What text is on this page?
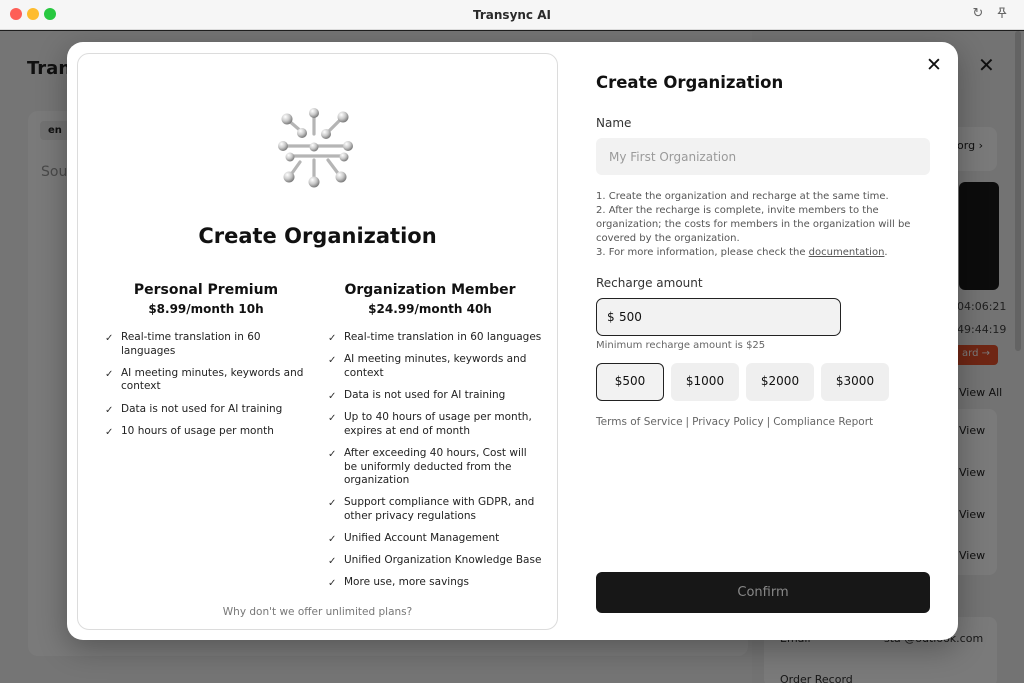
Transync AI	↻
Create Organization
Personal Premium
$8.99/month 10h
✓ Real-time translation in 60 languages
✓ AI meeting minutes, keywords and context
✓ Data is not used for AI training
✓ 10 hours of usage per month
Organization Member
$24.99/month 40h
✓ Real-time translation in 60 languages
✓ AI meeting minutes, keywords and context
✓ Data is not used for AI training
✓ Up to 40 hours of usage per month, expires at end of month
✓ After exceeding 40 hours, Cost will be uniformly deducted from the organization
✓ Support compliance with GDPR, and other privacy regulations
✓ Unified Account Management
✓ Unified Organization Knowledge Base
✓ More use, more savings
Why don't we offer unlimited plans?
Create Organization
✕
Name
My First Organization

1. Create the organization and recharge at the same time.

2. After the recharge is complete, invite members to the organization; the costs for members in the organization will be covered by the organization.

3. For more information, please check the documentation.

Recharge amount
$
500
Minimum recharge amount is $25
$500	$1000	$2000	$3000
Terms of Service | Privacy Policy | Compliance Report
Confirm
